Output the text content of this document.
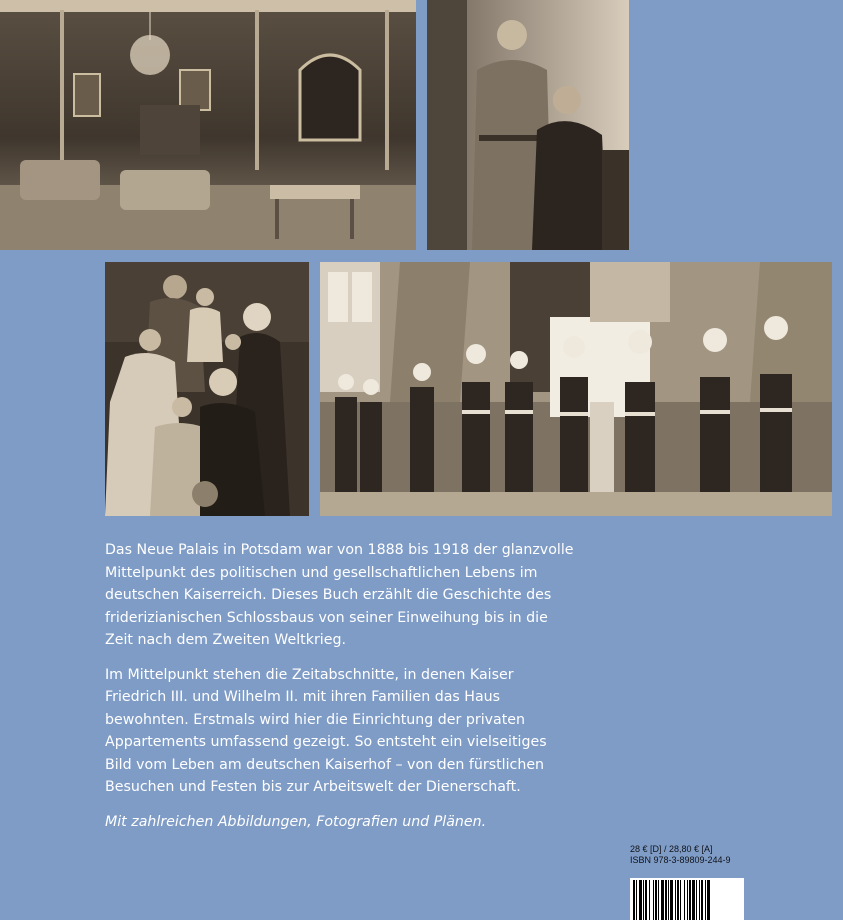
Das Neue Palais in Potsdam war von 1888 bis 1918 der glanzvolle Mittelpunkt des politischen und gesellschaftlichen Lebens im deutschen Kaiserreich. Dieses Buch erzählt die Geschichte des friderizianischen Schlossbaus von seiner Einweihung bis in die Zeit nach dem Zweiten Weltkrieg.

Im Mittelpunkt stehen die Zeitabschnitte, in denen Kaiser Friedrich III. und Wilhelm II. mit ihren Familien das Haus bewohnten. Erstmals wird hier die Einrichtung der privaten Appartements umfassend gezeigt. So entsteht ein vielseitiges Bild vom Leben am deutschen Kaiserhof – von den fürstlichen Besuchen und Festen bis zur Arbeitswelt der Dienerschaft.

Mit zahlreichen Abbildungen, Fotografien und Plänen.

28 € [D] / 28,80 € [A]
ISBN 978-3-89809-244-9
